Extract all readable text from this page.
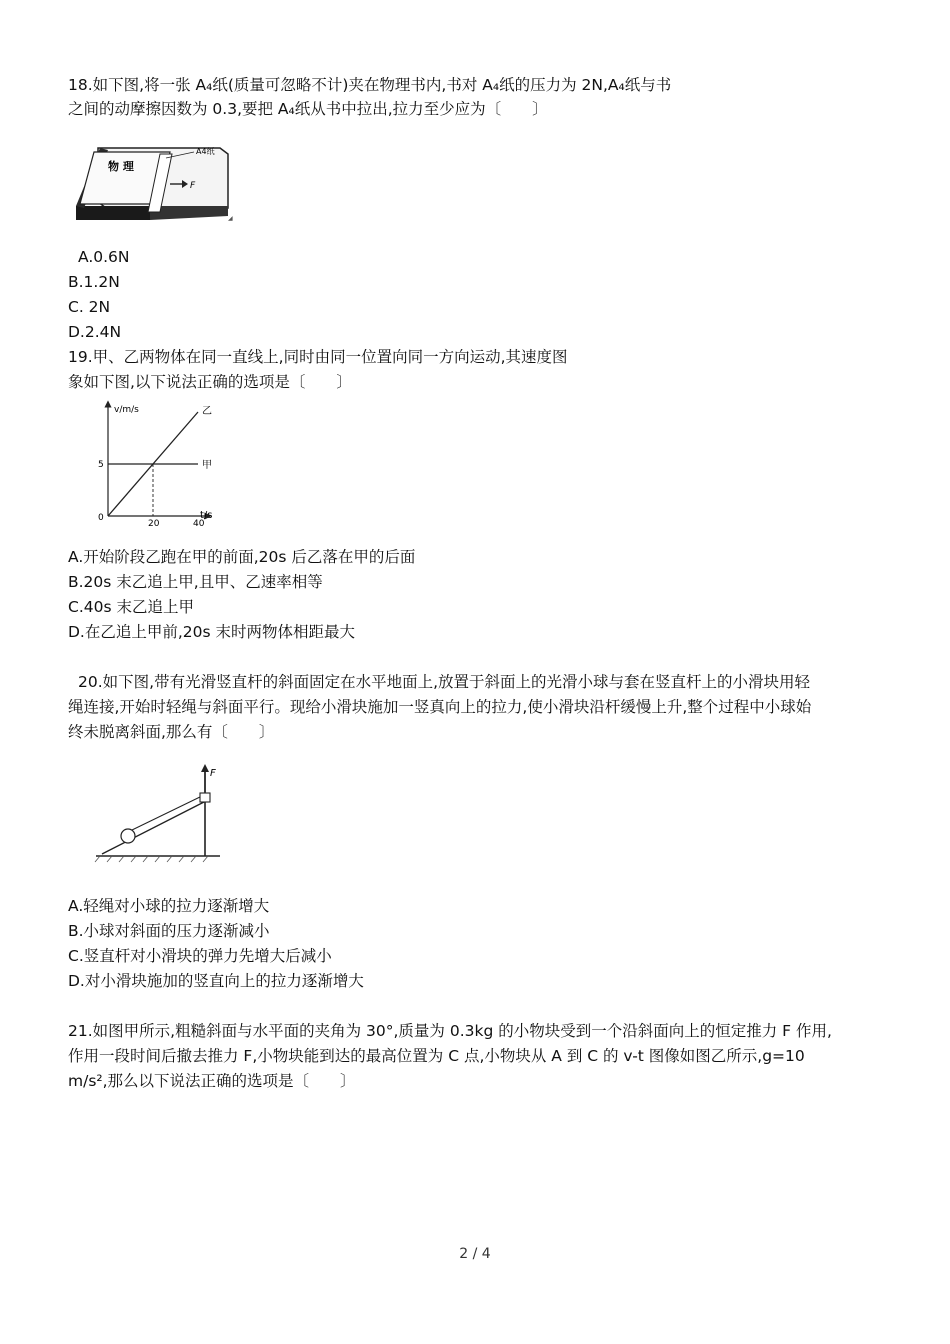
18.如下图,将一张 A₄纸(质量可忽略不计)夹在物理书内,书对 A₄纸的压力为 2N,A₄纸与书
之间的动摩擦因数为 0.3,要把 A₄纸从书中拉出,拉力至少应为〔　　〕
物 理
A4纸
F
◢
A.0.6N
B.1.2N
C. 2N
D.2.4N
19.甲、乙两物体在同一直线上,同时由同一位置向同一方向运动,其速度图
象如下图,以下说法正确的选项是〔　　〕
v/m/s
t/s
0
甲
乙
20	40
5
A.开始阶段乙跑在甲的前面,20s 后乙落在甲的后面
B.20s 末乙追上甲,且甲、乙速率相等
C.40s 末乙追上甲
D.在乙追上甲前,20s 末时两物体相距最大
20.如下图,带有光滑竖直杆的斜面固定在水平地面上,放置于斜面上的光滑小球与套在竖直杆上的小滑块用轻
绳连接,开始时轻绳与斜面平行。现给小滑块施加一竖真向上的拉力,使小滑块沿杆缓慢上升,整个过程中小球始
终未脱离斜面,那么有〔　　〕
F
A.轻绳对小球的拉力逐渐增大
B.小球对斜面的压力逐渐减小
C.竖直杆对小滑块的弹力先增大后减小
D.对小滑块施加的竖直向上的拉力逐渐增大
21.如图甲所示,粗糙斜面与水平面的夹角为 30°,质量为 0.3kg 的小物块受到一个沿斜面向上的恒定推力 F 作用,
作用一段时间后撤去推力 F,小物块能到达的最高位置为 C 点,小物块从 A 到 C 的 v-t 图像如图乙所示,g=10
m/s²,那么以下说法正确的选项是〔　　〕
2 / 4
